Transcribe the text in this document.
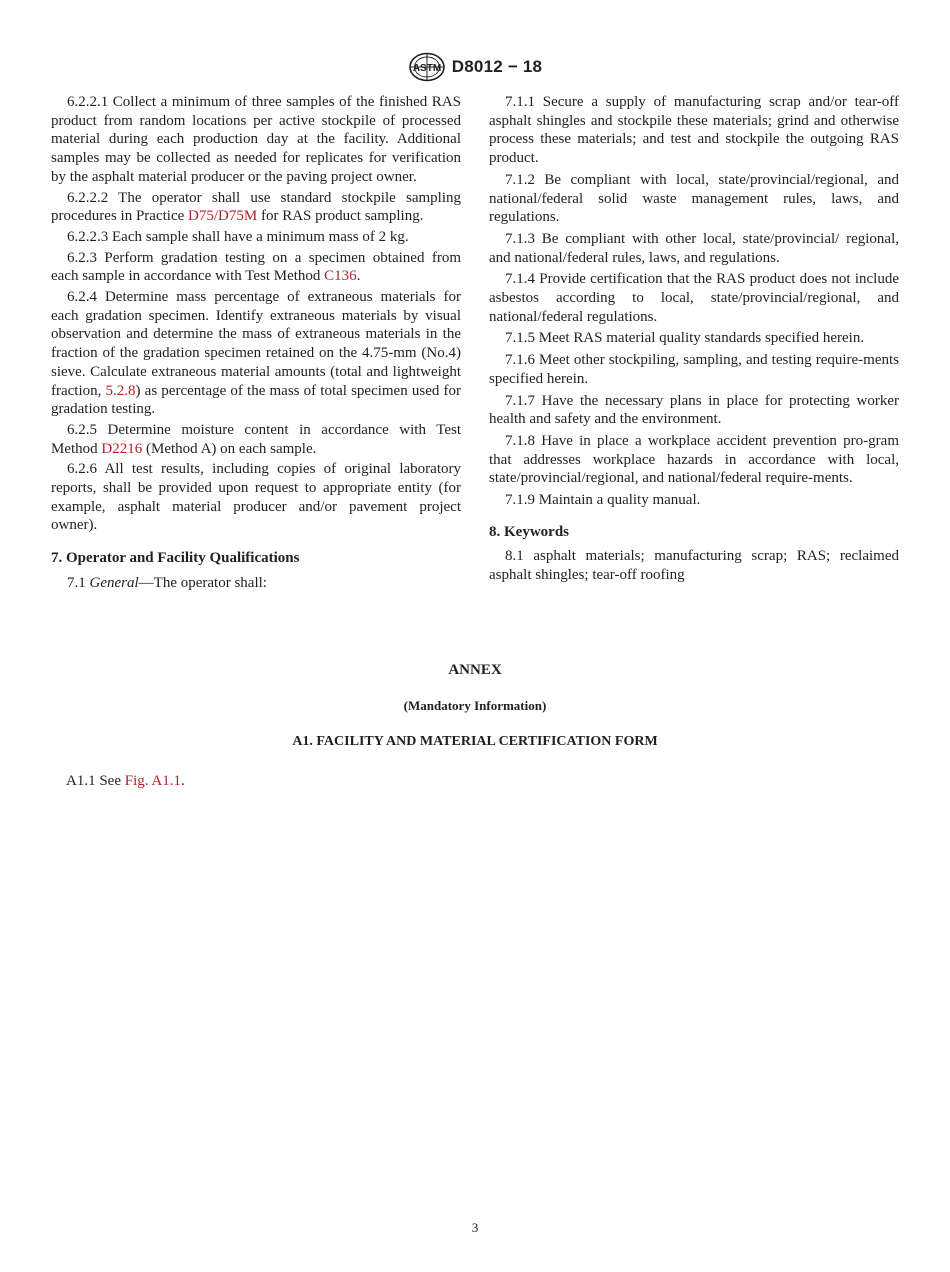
ASTM D8012 − 18

6.2.2.1 Collect a minimum of three samples of the finished RAS product from random locations per active stockpile of processed material during each production day at the facility. Additional samples may be collected as needed for replicates for verification by the asphalt material producer or the paving project owner.

6.2.2.2 The operator shall use standard stockpile sampling procedures in Practice D75/D75M for RAS product sampling.

6.2.2.3 Each sample shall have a minimum mass of 2 kg.

6.2.3 Perform gradation testing on a specimen obtained from each sample in accordance with Test Method C136.

6.2.4 Determine mass percentage of extraneous materials for each gradation specimen. Identify extraneous materials by visual observation and determine the mass of extraneous materials in the fraction of the gradation specimen retained on the 4.75-mm (No.4) sieve. Calculate extraneous material amounts (total and lightweight fraction, 5.2.8) as percentage of the mass of total specimen used for gradation testing.

6.2.5 Determine moisture content in accordance with Test Method D2216 (Method A) on each sample.

6.2.6 All test results, including copies of original laboratory reports, shall be provided upon request to appropriate entity (for example, asphalt material producer and/or pavement project owner).

7. Operator and Facility Qualifications

7.1 General—The operator shall:

7.1.1 Secure a supply of manufacturing scrap and/or tear-off asphalt shingles and stockpile these materials; grind and otherwise process these materials; and test and stockpile the outgoing RAS product.

7.1.2 Be compliant with local, state/provincial/regional, and national/federal solid waste management rules, laws, and regulations.

7.1.3 Be compliant with other local, state/provincial/ regional, and national/federal rules, laws, and regulations.

7.1.4 Provide certification that the RAS product does not include asbestos according to local, state/provincial/regional, and national/federal regulations.

7.1.5 Meet RAS material quality standards specified herein.

7.1.6 Meet other stockpiling, sampling, and testing require-ments specified herein.

7.1.7 Have the necessary plans in place for protecting worker health and safety and the environment.

7.1.8 Have in place a workplace accident prevention pro-gram that addresses workplace hazards in accordance with local, state/provincial/regional, and national/federal require-ments.

7.1.9 Maintain a quality manual.

8. Keywords

8.1 asphalt materials; manufacturing scrap; RAS; reclaimed asphalt shingles; tear-off roofing

ANNEX
(Mandatory Information)
A1. FACILITY AND MATERIAL CERTIFICATION FORM
A1.1 See Fig. A1.1.
3
